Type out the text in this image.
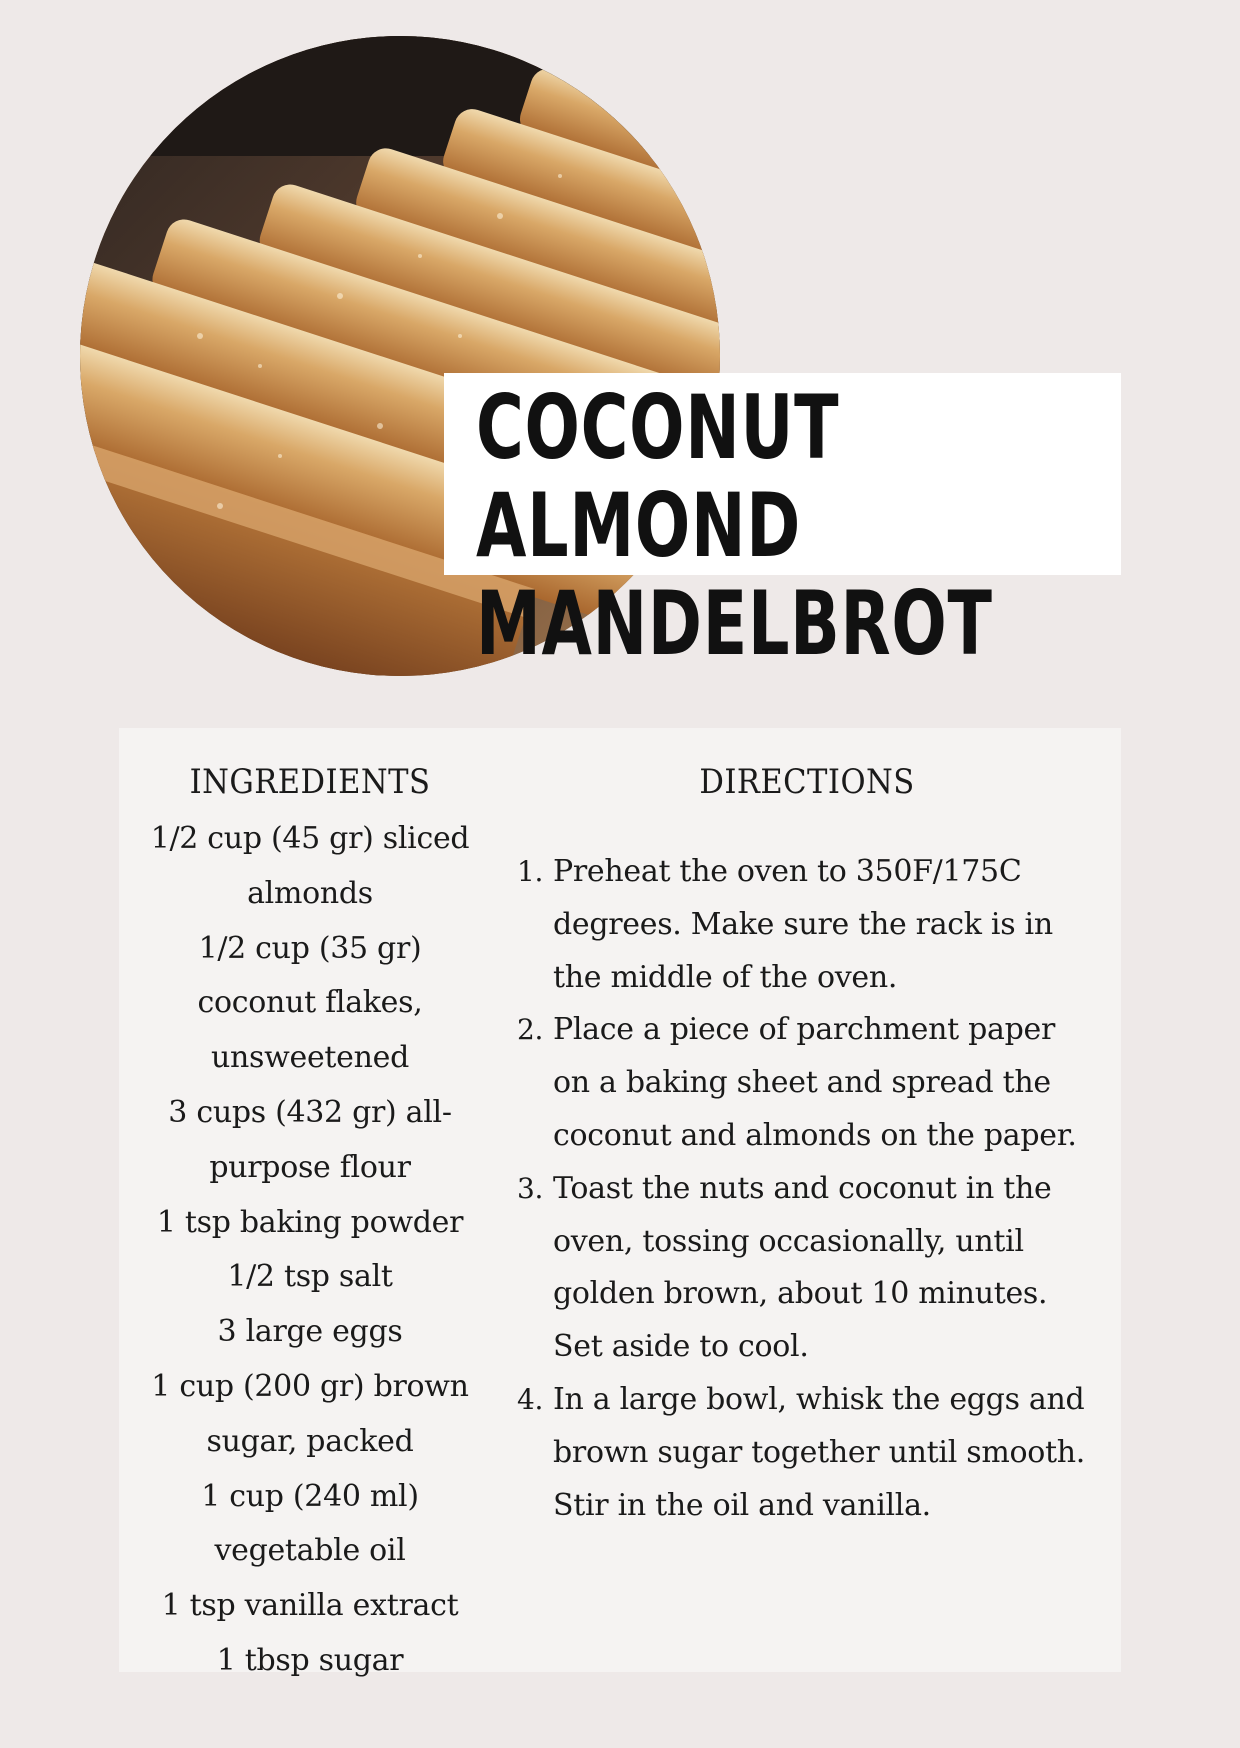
COCONUT ALMOND
MANDELBROT
INGREDIENTS
1/2 cup (45 gr) sliced almonds
1/2 cup (35 gr) coconut flakes, unsweetened
3 cups (432 gr) all-purpose flour
1 tsp baking powder
1/2 tsp salt
3 large eggs
1 cup (200 gr) brown sugar, packed
1 cup (240 ml) vegetable oil
1 tsp vanilla extract
1 tbsp sugar
DIRECTIONS
1. Preheat the oven to 350F/175C degrees. Make sure the rack is in the middle of the oven.
2. Place a piece of parchment paper on a baking sheet and spread the coconut and almonds on the paper.
3. Toast the nuts and coconut in the oven, tossing occasionally, until golden brown, about 10 minutes. Set aside to cool.
4. In a large bowl, whisk the eggs and brown sugar together until smooth. Stir in the oil and vanilla.
